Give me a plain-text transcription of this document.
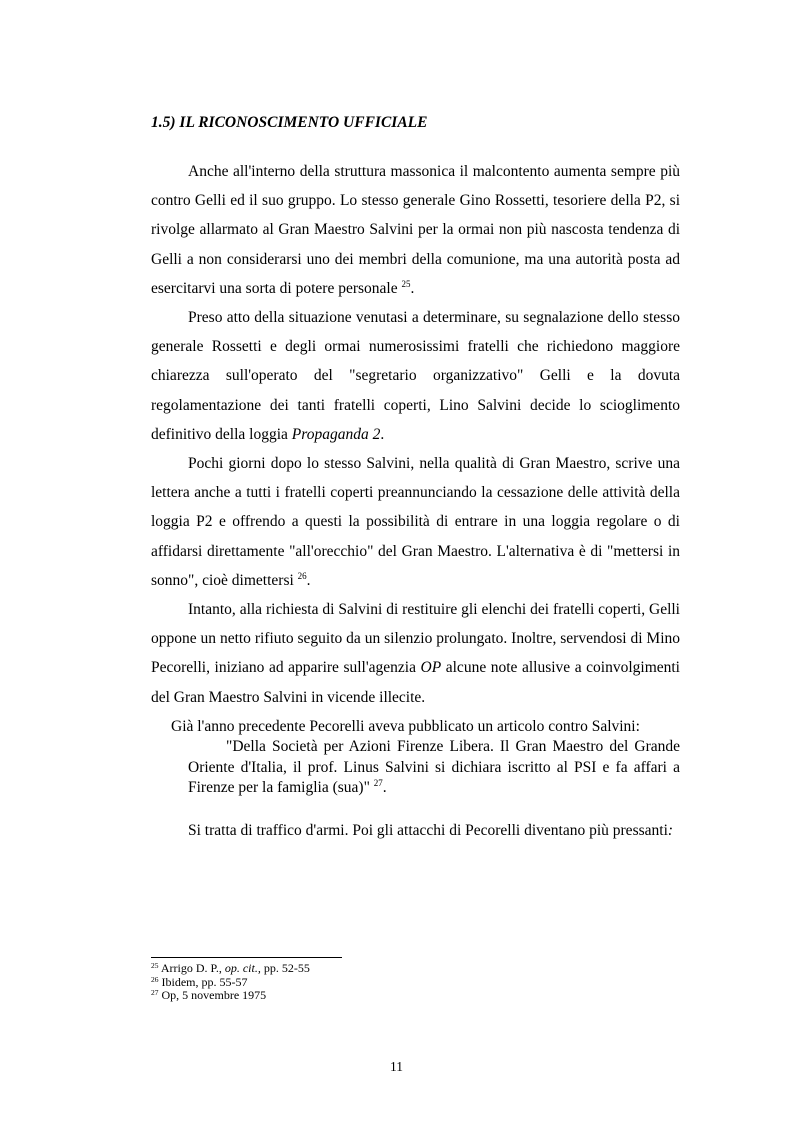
1.5) IL RICONOSCIMENTO UFFICIALE

Anche all'interno della struttura massonica il malcontento aumenta sempre più contro Gelli ed il suo gruppo. Lo stesso generale Gino Rossetti, tesoriere della P2, si rivolge allarmato al Gran Maestro Salvini per la ormai non più nascosta tendenza di Gelli a non considerarsi uno dei membri della comunione, ma una autorità posta ad esercitarvi una sorta di potere personale $^{25}$.

Preso atto della situazione venutasi a determinare, su segnalazione dello stesso generale Rossetti e degli ormai numerosissimi fratelli che richiedono maggiore chiarezza sull'operato del "segretario organizzativo" Gelli e la dovuta regolamentazione dei tanti fratelli coperti, Lino Salvini decide lo scioglimento definitivo della loggia Propaganda 2.

Pochi giorni dopo lo stesso Salvini, nella qualità di Gran Maestro, scrive una lettera anche a tutti i fratelli coperti preannunciando la cessazione delle attività della loggia P2 e offrendo a questi la possibilità di entrare in una loggia regolare o di affidarsi direttamente "all'orecchio" del Gran Maestro. L'alternativa è di "mettersi in sonno", cioè dimettersi $^{26}$.

Intanto, alla richiesta di Salvini di restituire gli elenchi dei fratelli coperti, Gelli oppone un netto rifiuto seguito da un silenzio prolungato. Inoltre, servendosi di Mino Pecorelli, iniziano ad apparire sull'agenzia OP alcune note allusive a coinvolgimenti del Gran Maestro Salvini in vicende illecite.

Già l'anno precedente Pecorelli aveva pubblicato un articolo contro Salvini:

"Della Società per Azioni Firenze Libera. Il Gran Maestro del Grande Oriente d'Italia, il prof. Linus Salvini si dichiara iscritto al PSI e fa affari a Firenze per la famiglia (sua)" $^{27}$.

Si tratta di traffico d'armi. Poi gli attacchi di Pecorelli diventano più pressanti:

$^{25}$ Arrigo D. P., op. cit., pp. 52-55
$^{26}$ Ibidem, pp. 55-57
$^{27}$ Op, 5 novembre 1975
11
